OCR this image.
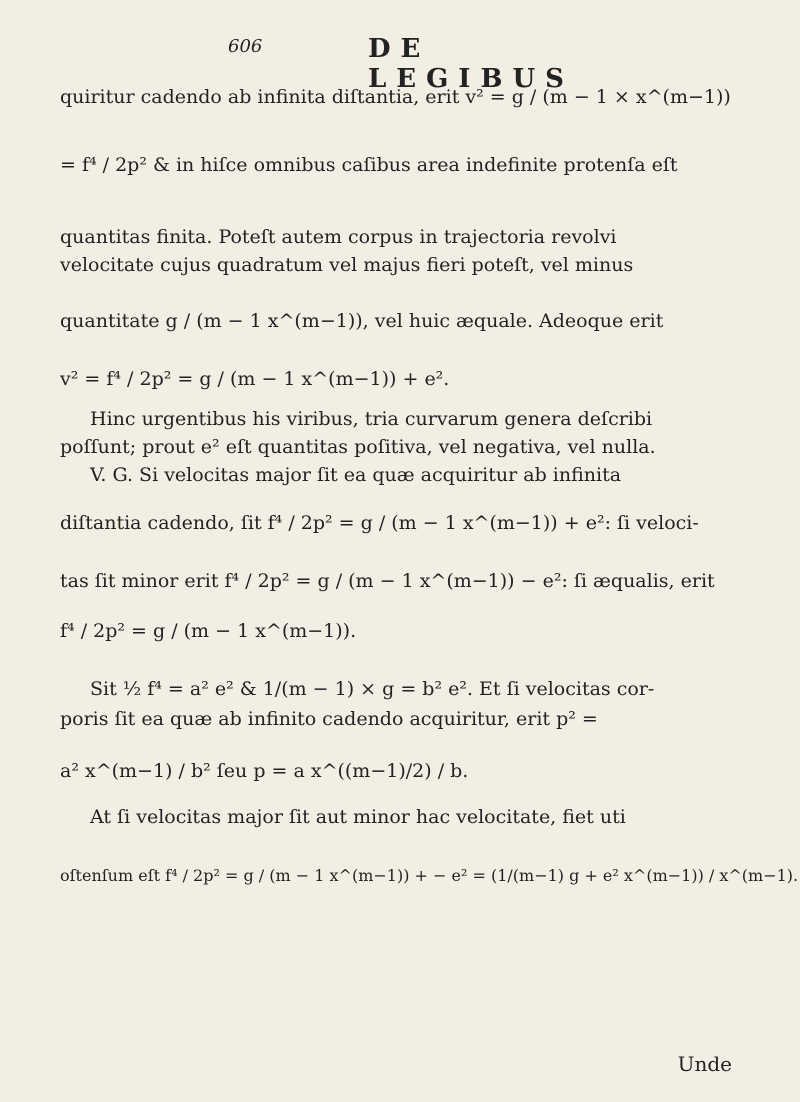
606	DE LEGIBUS
quiritur cadendo ab infinita diſtantia, erit v² = g / (m − 1 × x^(m−1))
= f⁴ / 2p² & in hiſce omnibus caſibus area indefinite protenſa eſt
quantitas finita. Poteſt autem corpus in trajectoria revolvi
velocitate cujus quadratum vel majus fieri poteſt, vel minus
quantitate g / (m − 1 x^(m−1)), vel huic æquale. Adeoque erit
v² = f⁴ / 2p² = g / (m − 1 x^(m−1)) + e².
Hinc urgentibus his viribus, tria curvarum genera deſcribi
poſſunt; prout e² eſt quantitas poſitiva, vel negativa, vel nulla.
V. G. Si velocitas major ſit ea quæ acquiritur ab infinita
diſtantia cadendo, ſit f⁴ / 2p² = g / (m − 1 x^(m−1)) + e²: ſi veloci-
tas ſit minor erit f⁴ / 2p² = g / (m − 1 x^(m−1)) − e²: ſi æqualis, erit
f⁴ / 2p² = g / (m − 1 x^(m−1)).
Sit ½ f⁴ = a² e² & 1/(m − 1) × g = b² e². Et ſi velocitas cor-
poris ſit ea quæ ab infinito cadendo acquiritur, erit p² =
a² x^(m−1) / b² ſeu p = a x^((m−1)/2) / b.
At ſi velocitas major ſit aut minor hac velocitate, fiet uti
oſtenſum eſt f⁴ / 2p² = g / (m − 1 x^(m−1)) + − e² = (1/(m−1) g + e² x^(m−1)) / x^(m−1).
Unde
